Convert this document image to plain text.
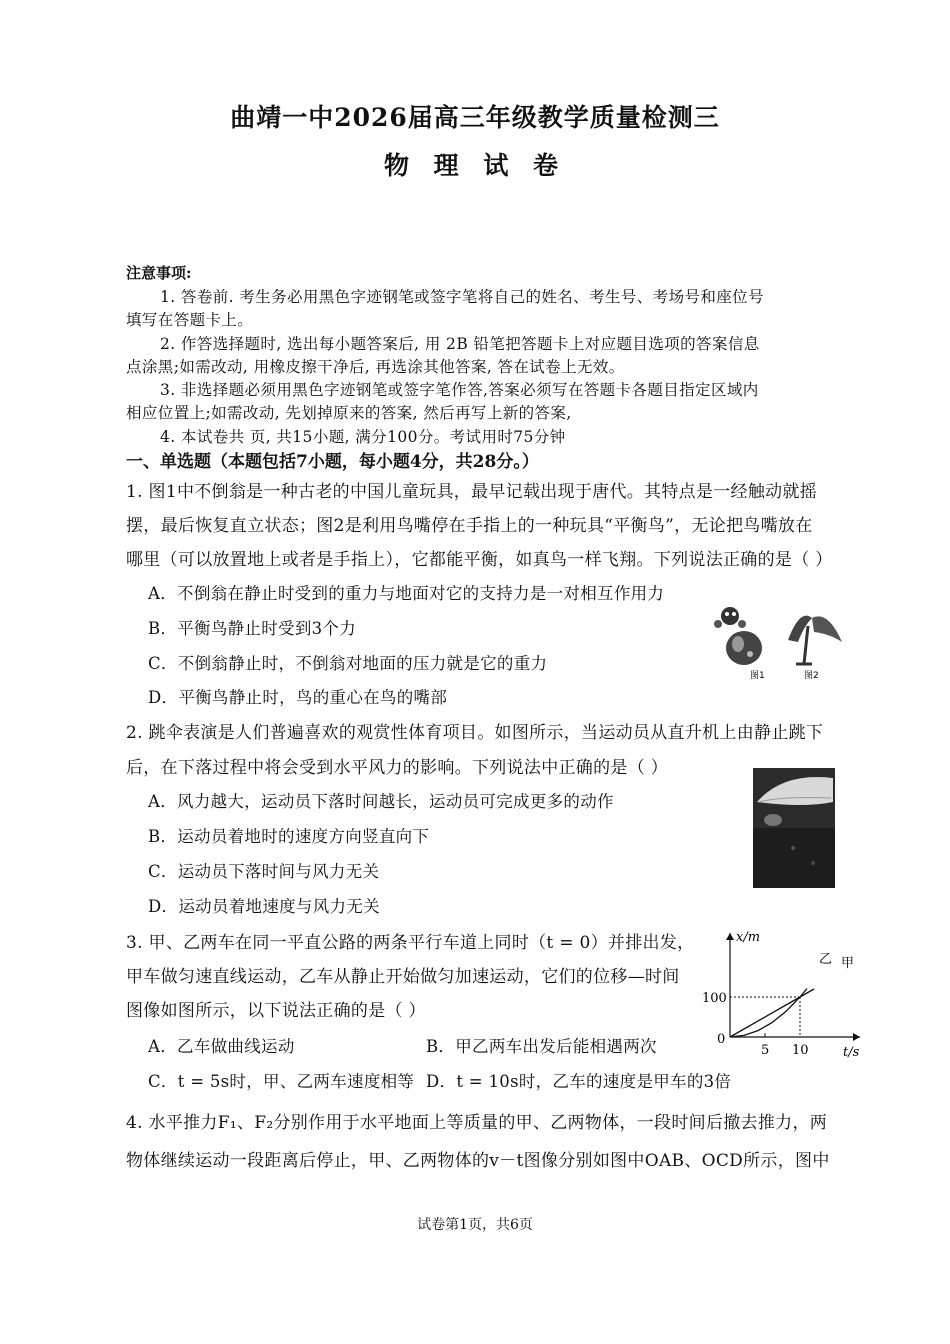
曲靖一中2026届高三年级教学质量检测三
物 理 试 卷
注意事项:
1. 答卷前. 考生务必用黑色字迹钢笔或签字笔将自己的姓名、考生号、考场号和座位号
填写在答题卡上。
2. 作答选择题时, 选出每小题答案后, 用 2B 铅笔把答题卡上对应题目选项的答案信息
点涂黑;如需改动, 用橡皮擦干净后, 再选涂其他答案, 答在试卷上无效。
3. 非选择题必须用黑色字迹钢笔或签字笔作答,答案必须写在答题卡各题目指定区域内
相应位置上;如需改动, 先划掉原来的答案, 然后再写上新的答案,
4. 本试卷共 页, 共15小题, 满分100分。考试用时75分钟
一、单选题（本题包括7小题，每小题4分，共28分。）
1. 图1中不倒翁是一种古老的中国儿童玩具，最早记载出现于唐代。其特点是一经触动就摇
摆，最后恢复直立状态；图2是利用鸟嘴停在手指上的一种玩具“平衡鸟”，无论把鸟嘴放在
哪里（可以放置地上或者是手指上），它都能平衡，如真鸟一样飞翔。下列说法正确的是（ ）
A．不倒翁在静止时受到的重力与地面对它的支持力是一对相互作用力
B．平衡鸟静止时受到3个力
C．不倒翁静止时，不倒翁对地面的压力就是它的重力
D．平衡鸟静止时，鸟的重心在鸟的嘴部
图1	图2
2. 跳伞表演是人们普遍喜欢的观赏性体育项目。如图所示，当运动员从直升机上由静止跳下
后，在下落过程中将会受到水平风力的影响。下列说法中正确的是（ ）
A．风力越大，运动员下落时间越长，运动员可完成更多的动作
B．运动员着地时的速度方向竖直向下
C．运动员下落时间与风力无关
D．运动员着地速度与风力无关
3. 甲、乙两车在同一平直公路的两条平行车道上同时（t = 0）并排出发，
甲车做匀速直线运动，乙车从静止开始做匀加速运动，它们的位移—时间
图像如图所示，以下说法正确的是（ ）
A．乙车做曲线运动	B．甲乙两车出发后能相遇两次
C．t = 5s时，甲、乙两车速度相等 D．t = 10s时，乙车的速度是甲车的3倍
x/m
t/s
0
100
5 10
乙 甲
4. 水平推力F₁、F₂分别作用于水平地面上等质量的甲、乙两物体，一段时间后撤去推力，两
物体继续运动一段距离后停止，甲、乙两物体的v－t图像分别如图中OAB、OCD所示，图中
试卷第1页，共6页
